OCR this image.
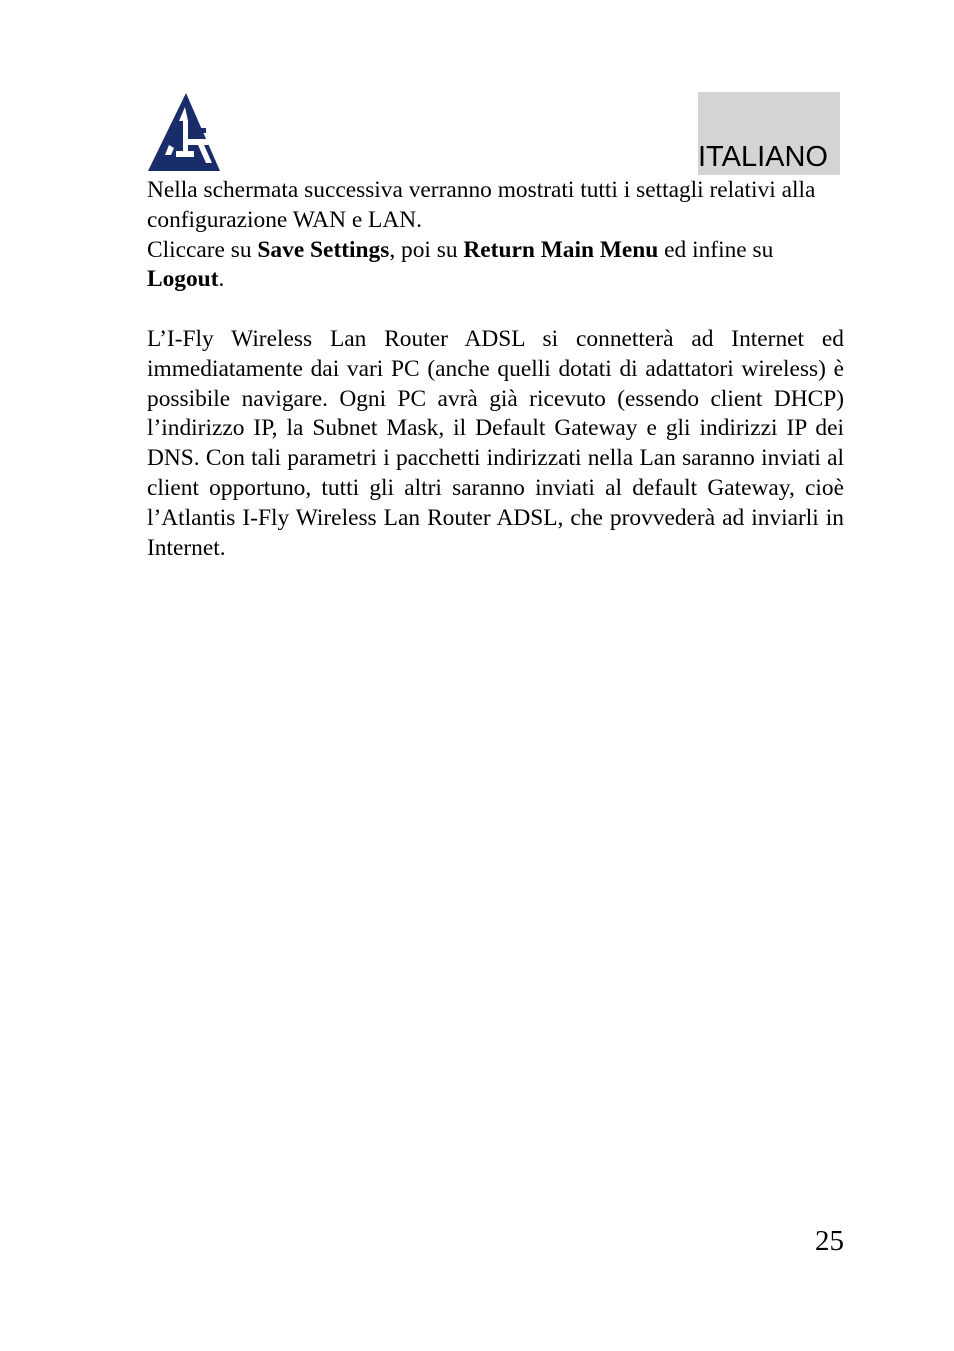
ITALIANO

Nella schermata successiva verranno mostrati tutti i settagli relativi alla configurazione WAN e LAN.
Cliccare su Save Settings, poi su Return Main Menu ed infine su Logout.

L’I-Fly Wireless Lan Router ADSL si connetterà ad Internet ed immediatamente dai vari PC (anche quelli dotati di adattatori wireless) è possibile navigare. Ogni PC avrà già ricevuto (essendo client DHCP) l’indirizzo IP, la Subnet Mask, il Default Gateway e gli indirizzi IP dei DNS. Con tali parametri i pacchetti indirizzati nella Lan saranno inviati al client opportuno, tutti gli altri saranno inviati al default Gateway, cioè l’Atlantis I-Fly Wireless Lan Router ADSL, che provvederà ad inviarli in Internet.

25
